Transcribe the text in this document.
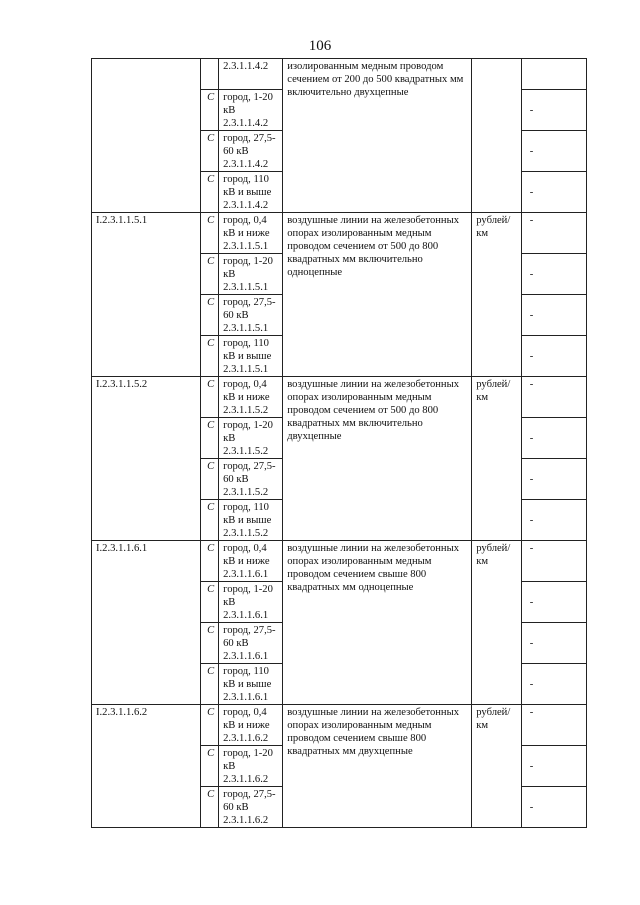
106
		2.3.1.1.4.2	изолированным медным проводом сечением от 200 до 500 квадратных мм включительно двухцепные		
	С	город, 1-20 кВ 2.3.1.1.4.2			-
	С	город, 27,5-60 кВ 2.3.1.1.4.2			-
	С	город, 110 кВ и выше 2.3.1.1.4.2			-
I.2.3.1.1.5.1	С	город, 0,4 кВ и ниже 2.3.1.1.5.1	воздушные линии на железобетонных опорах изолированным медным проводом сечением от 500 до 800 квадратных мм включительно одноцепные	рублей/км	-
	С	город, 1-20 кВ 2.3.1.1.5.1			-
	С	город, 27,5-60 кВ 2.3.1.1.5.1			-
	С	город, 110 кВ и выше 2.3.1.1.5.1			-
I.2.3.1.1.5.2	С	город, 0,4 кВ и ниже 2.3.1.1.5.2	воздушные линии на железобетонных опорах изолированным медным проводом сечением от 500 до 800 квадратных мм включительно двухцепные	рублей/км	-
	С	город, 1-20 кВ 2.3.1.1.5.2			-
	С	город, 27,5-60 кВ 2.3.1.1.5.2			-
	С	город, 110 кВ и выше 2.3.1.1.5.2			-
I.2.3.1.1.6.1	С	город, 0,4 кВ и ниже 2.3.1.1.6.1	воздушные линии на железобетонных опорах изолированным медным проводом сечением свыше 800 квадратных мм одноцепные	рублей/км	-
	С	город, 1-20 кВ 2.3.1.1.6.1			-
	С	город, 27,5-60 кВ 2.3.1.1.6.1			-
	С	город, 110 кВ и выше 2.3.1.1.6.1			-
I.2.3.1.1.6.2	С	город, 0,4 кВ и ниже 2.3.1.1.6.2	воздушные линии на железобетонных опорах изолированным медным проводом сечением свыше 800 квадратных мм двухцепные	рублей/км	-
	С	город, 1-20 кВ 2.3.1.1.6.2			-
	С	город, 27,5-60 кВ 2.3.1.1.6.2			-
